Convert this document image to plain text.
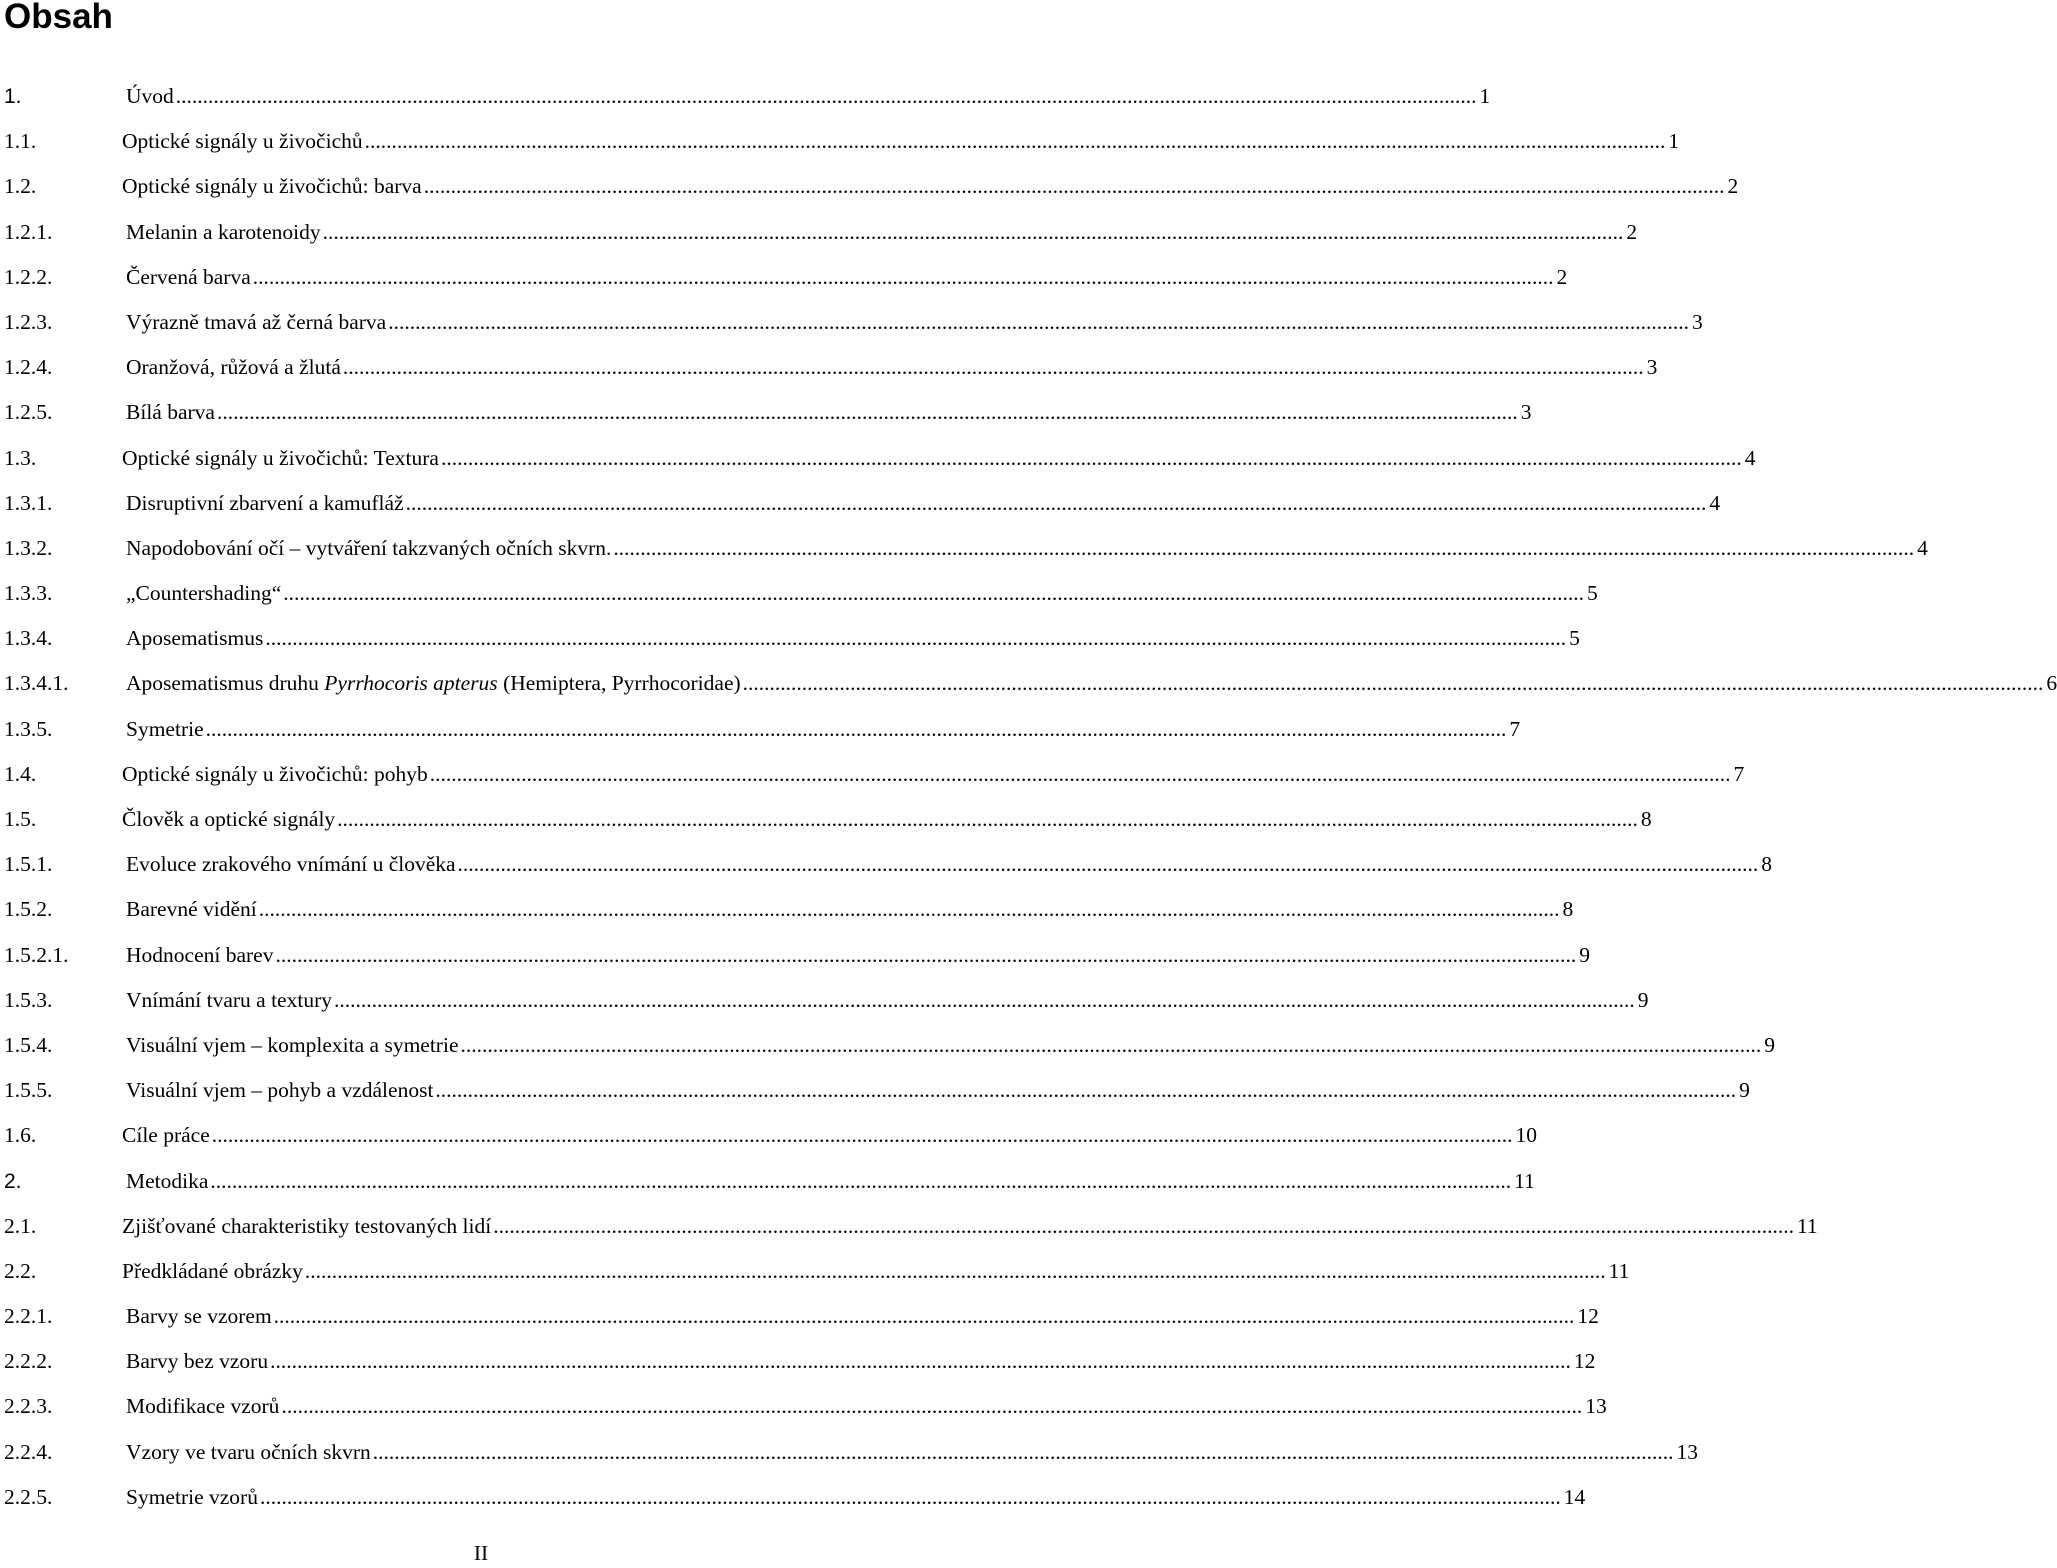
Obsah
1.	Úvod .....	1
1.1.	Optické signály u živočichů .....	1
1.2.	Optické signály u živočichů: barva .....	2
1.2.1.	Melanin a karotenoidy .....	2
1.2.2.	Červená barva .....	2
1.2.3.	Výrazně tmavá až černá barva .....	3
1.2.4.	Oranžová, růžová a žlutá .....	3
1.2.5.	Bílá barva .....	3
1.3.	Optické signály u živočichů: Textura .....	4
1.3.1.	Disruptivní zbarvení a kamufláž .....	4
1.3.2.	Napodobování očí – vytváření takzvaných očních skvrn. .....	4
1.3.3.	„Countershading“ .....	5
1.3.4.	Aposematismus .....	5
1.3.4.1.	Aposematismus druhu Pyrrhocoris apterus (Hemiptera, Pyrrhocoridae) .....	6
1.3.5.	Symetrie .....	7
1.4.	Optické signály u živočichů: pohyb .....	7
1.5.	Člověk a optické signály .....	8
1.5.1.	Evoluce zrakového vnímání u člověka .....	8
1.5.2.	Barevné vidění .....	8
1.5.2.1.	Hodnocení barev .....	9
1.5.3.	Vnímání tvaru a textury .....	9
1.5.4.	Visuální vjem – komplexita a symetrie .....	9
1.5.5.	Visuální vjem – pohyb a vzdálenost .....	9
1.6.	Cíle práce .....	10
2.	Metodika .....	11
2.1.	Zjišťované charakteristiky testovaných lidí .....	11
2.2.	Předkládané obrázky .....	11
2.2.1.	Barvy se vzorem .....	12
2.2.2.	Barvy bez vzoru .....	12
2.2.3.	Modifikace vzorů .....	13
2.2.4.	Vzory ve tvaru očních skvrn .....	13
2.2.5.	Symetrie vzorů .....	14
II
